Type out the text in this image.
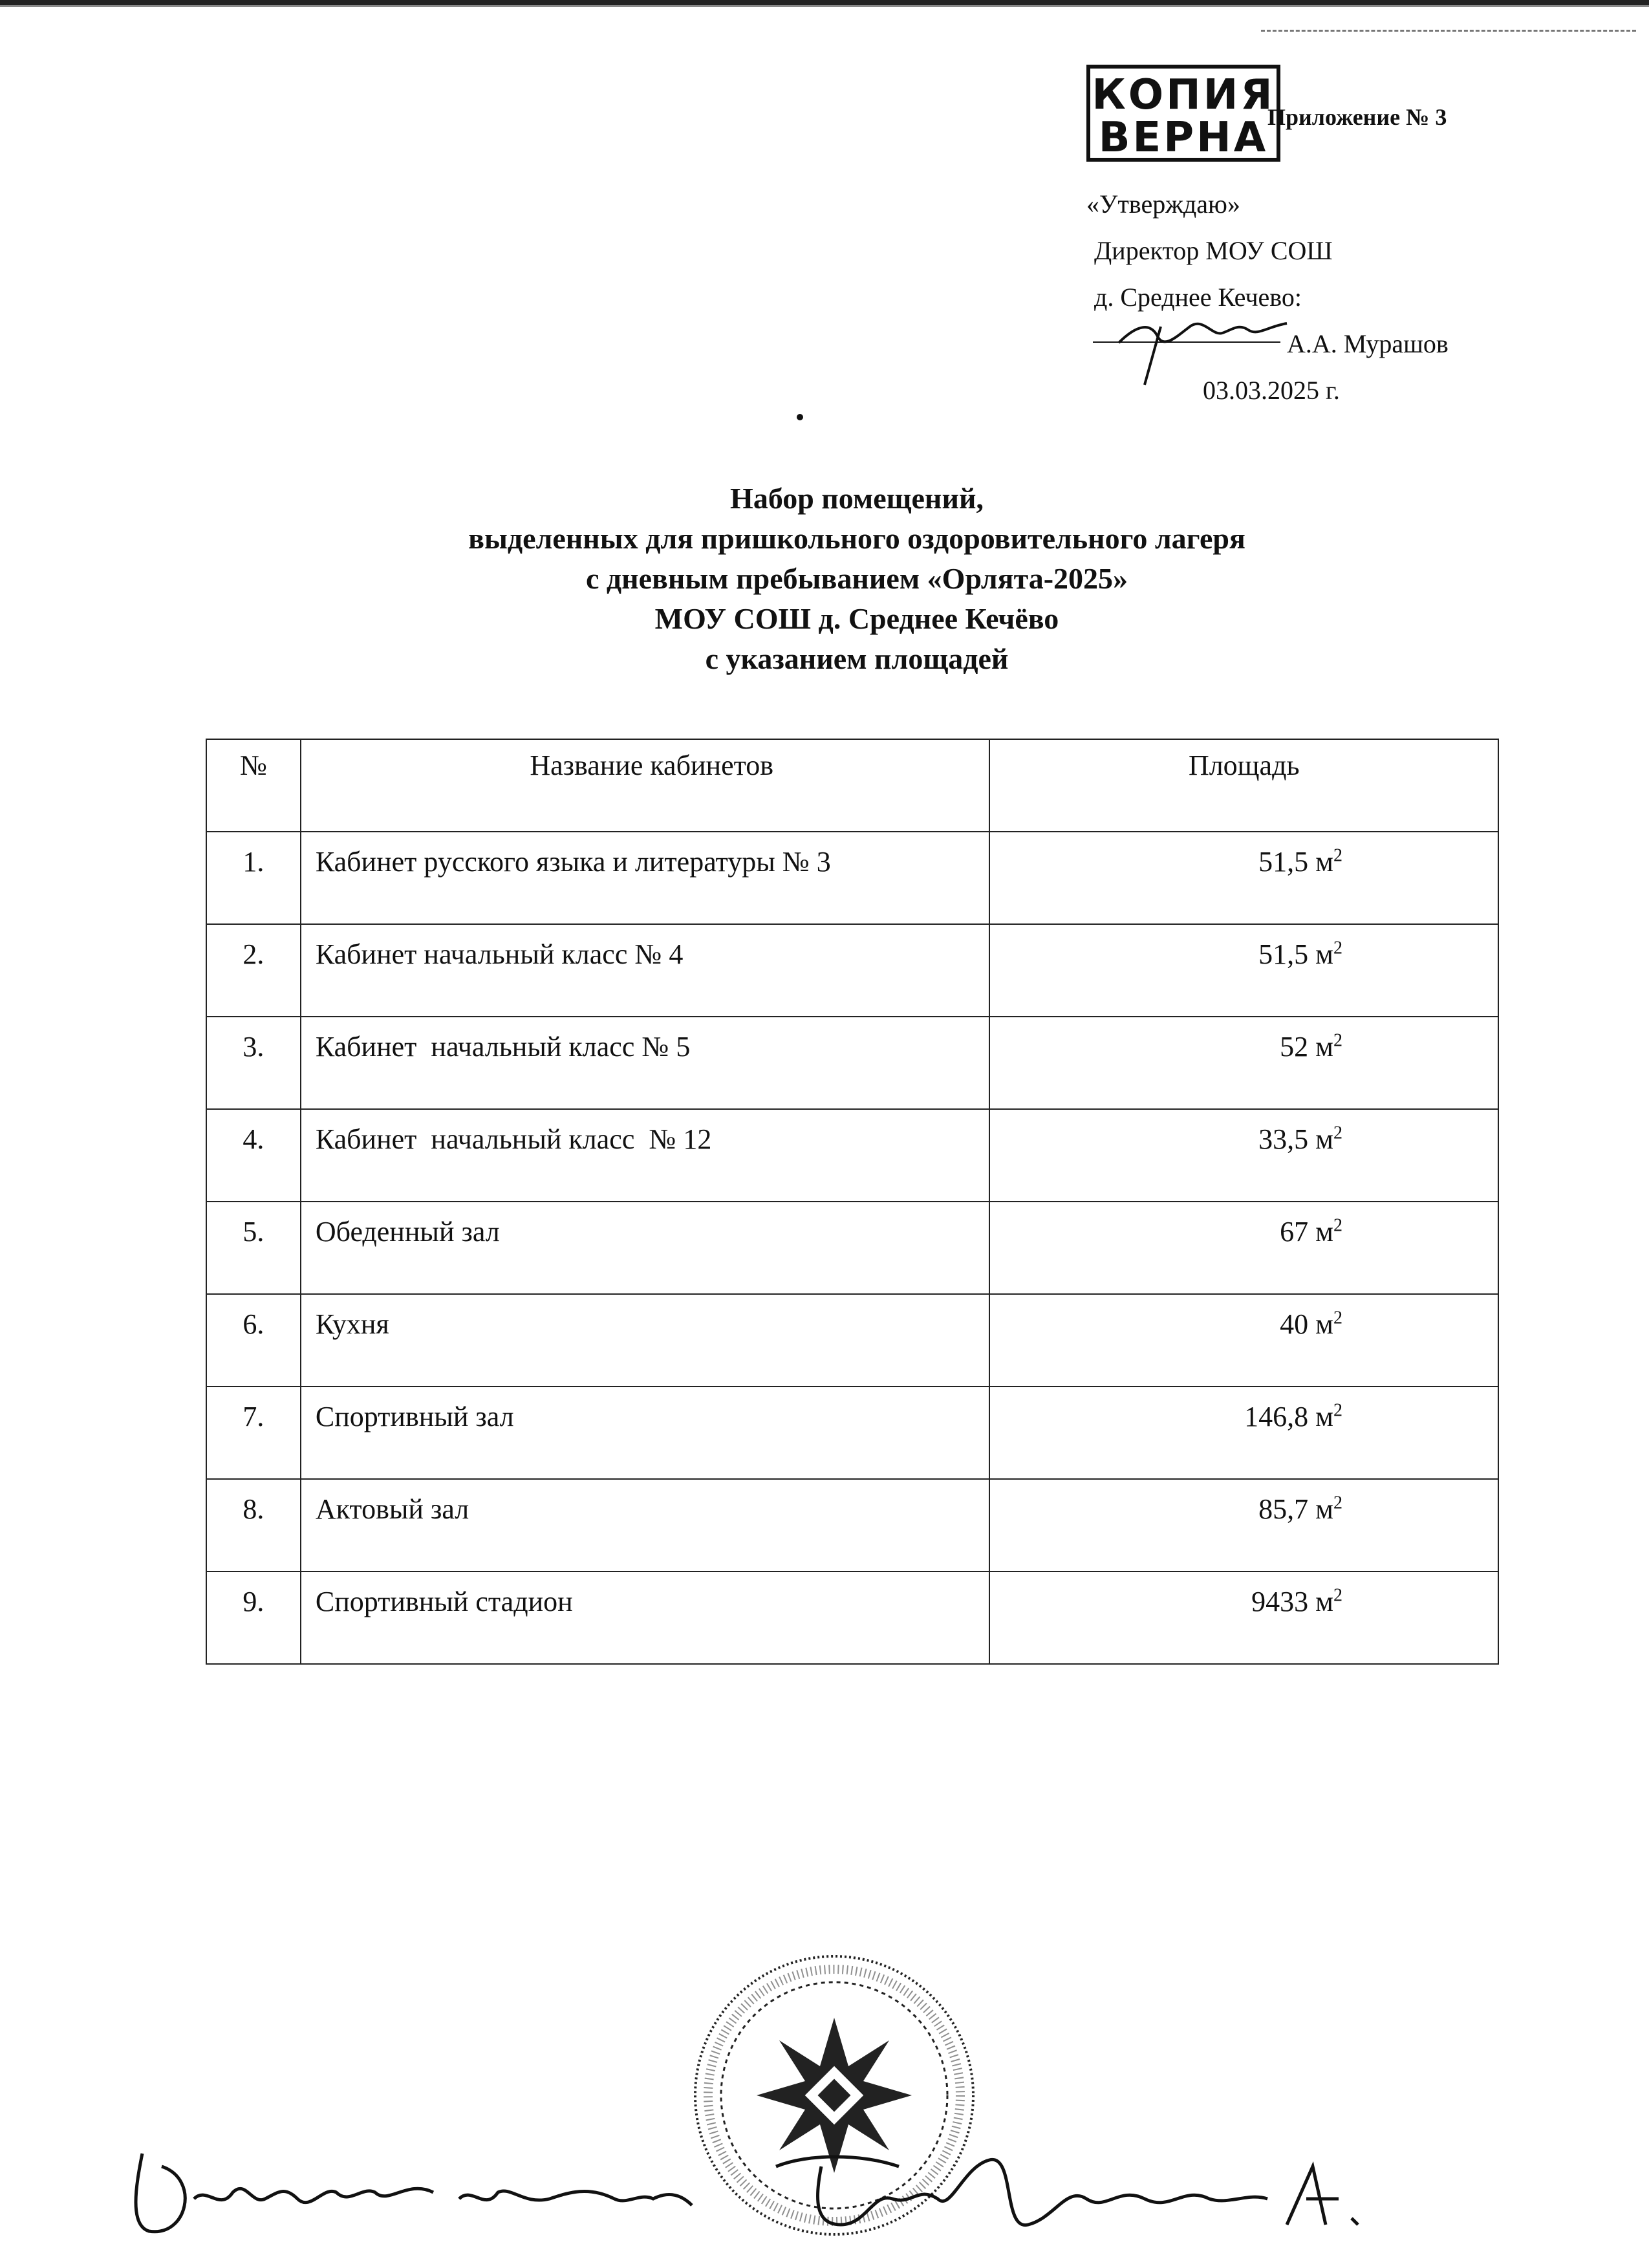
КОПИЯ
ВЕРНА
Приложение № 3
«Утверждаю»
Директор МОУ СОШ
д. Среднее Кечево:
А.А. Мурашов
03.03.2025 г.
Набор помещений,
выделенных для пришкольного оздоровительного лагеря
с дневным пребыванием «Орлята-2025»
МОУ СОШ д. Среднее Кечёво
с указанием площадей
№	Название кабинетов	Площадь
1.	Кабинет русского языка и литературы № 3	51,5 $м^2$
2.	Кабинет начальный класс № 4	51,5 $м^2$
3.	Кабинет  начальный класс № 5	52 $м^2$
4.	Кабинет  начальный класс  № 12	33,5 $м^2$
5.	Обеденный зал	67 $м^2$
6.	Кухня	40 $м^2$
7.	Спортивный зал	146,8 $м^2$
8.	Актовый зал	85,7 $м^2$
9.	Спортивный стадион	9433 $м^2$
